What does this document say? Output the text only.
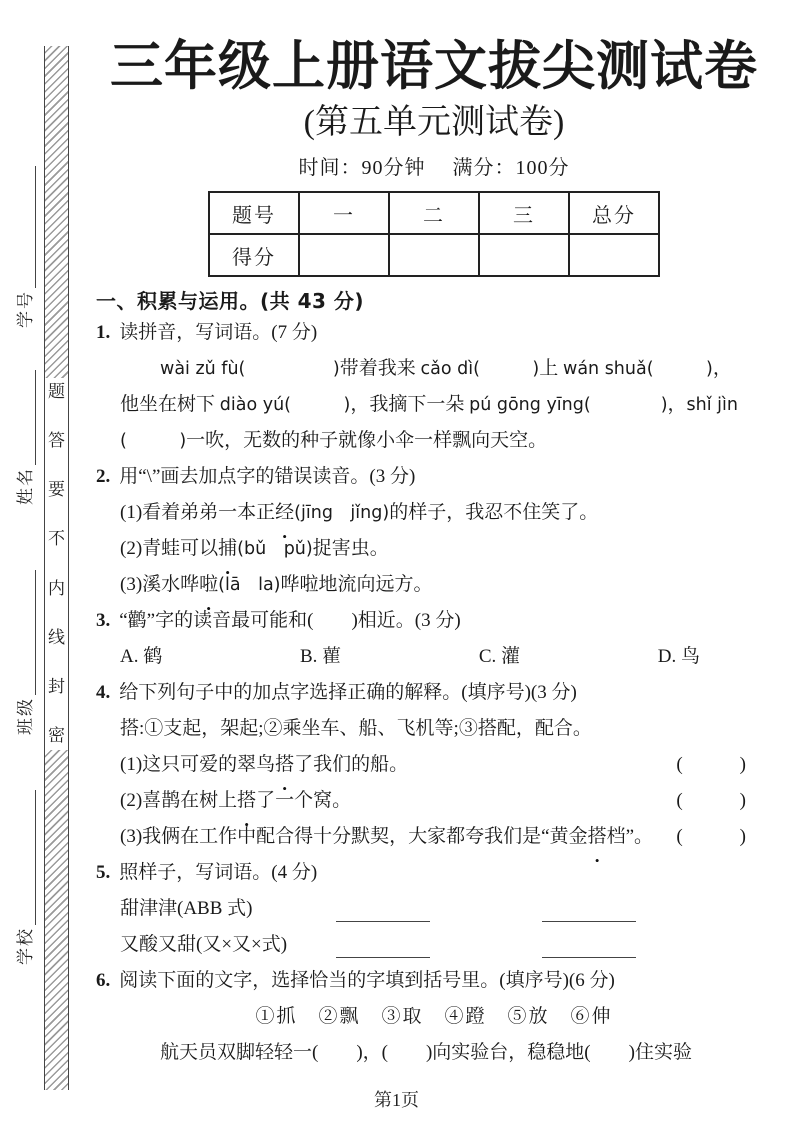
题
答
要
不
内
线
封
密
学号
姓名
班级
学校
三年级上册语文拔尖测试卷
(第五单元测试卷)
时间：90分钟　 满分：100分
题号	一	二	三	总分
得分				
一、积累与运用。(共 43 分)
1. 读拼音，写词语。(7 分)
wài zǔ fù(　　　　　)带着我来 cǎo dì(　　　)上 wán shuǎ(　　　)，
他坐在树下 diào yú(　　　)，我摘下一朵 pú gōng yīng(　　　　)，shǐ jìn
(　　　)一吹，无数的种子就像小伞一样飘向天空。
2. 用“\”画去加点字的错误读音。(3 分)
(1)看着弟弟一本正经(jīng　jǐng)的样子，我忍不住笑了。
(2)青蛙可以捕(bǔ　pǔ)捉害虫。
(3)溪水哗啦(lā　la)哗啦地流向远方。
3. “鹳”字的读音最可能和(　　)相近。(3 分)
A. 鹤	B. 雚	C. 灌	D. 鸟
4. 给下列句子中的加点字选择正确的解释。(填序号)(3 分)
搭:①支起，架起;②乘坐车、船、飞机等;③搭配，配合。
(1)这只可爱的翠鸟搭了我们的船。	(　　　)
(2)喜鹊在树上搭了一个窝。	(　　　)
(3)我俩在工作中配合得十分默契，大家都夸我们是“黄金搭档”。 (　　　)
5. 照样子，写词语。(4 分)
甜津津(ABB 式)
又酸又甜(又×又×式)
6. 阅读下面的文字，选择恰当的字填到括号里。(填序号)(6 分)
①抓　②飘　③取　④蹬　⑤放　⑥伸
航天员双脚轻轻一(　　)，(　　)向实验台，稳稳地(　　)住实验
第1页
